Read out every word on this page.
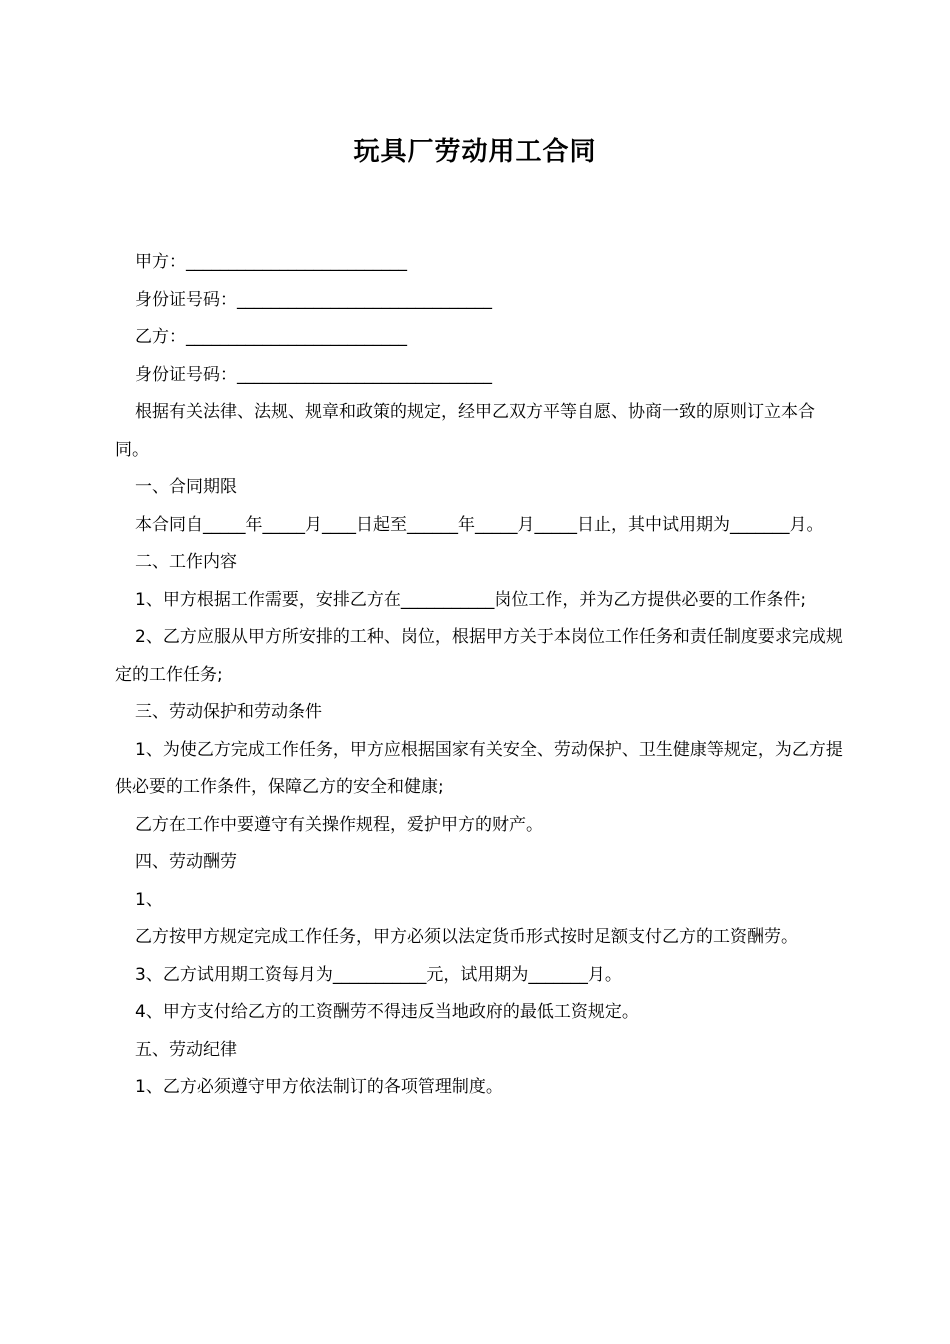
玩具厂劳动用工合同

甲方：__________________________

身份证号码：______________________________

乙方：__________________________

身份证号码：______________________________

根据有关法律、法规、规章和政策的规定，经甲乙双方平等自愿、协商一致的原则订立本合同。

一、合同期限

本合同自_____年_____月____日起至______年_____月_____日止，其中试用期为_______月。

二、工作内容

1、甲方根据工作需要，安排乙方在___________岗位工作，并为乙方提供必要的工作条件;

2、乙方应服从甲方所安排的工种、岗位，根据甲方关于本岗位工作任务和责任制度要求完成规定的工作任务;

三、劳动保护和劳动条件

1、为使乙方完成工作任务，甲方应根据国家有关安全、劳动保护、卫生健康等规定，为乙方提供必要的工作条件，保障乙方的安全和健康;

乙方在工作中要遵守有关操作规程，爱护甲方的财产。

四、劳动酬劳

1、

乙方按甲方规定完成工作任务，甲方必须以法定货币形式按时足额支付乙方的工资酬劳。

3、乙方试用期工资每月为___________元，试用期为_______月。

4、甲方支付给乙方的工资酬劳不得违反当地政府的最低工资规定。

五、劳动纪律

1、乙方必须遵守甲方依法制订的各项管理制度。
